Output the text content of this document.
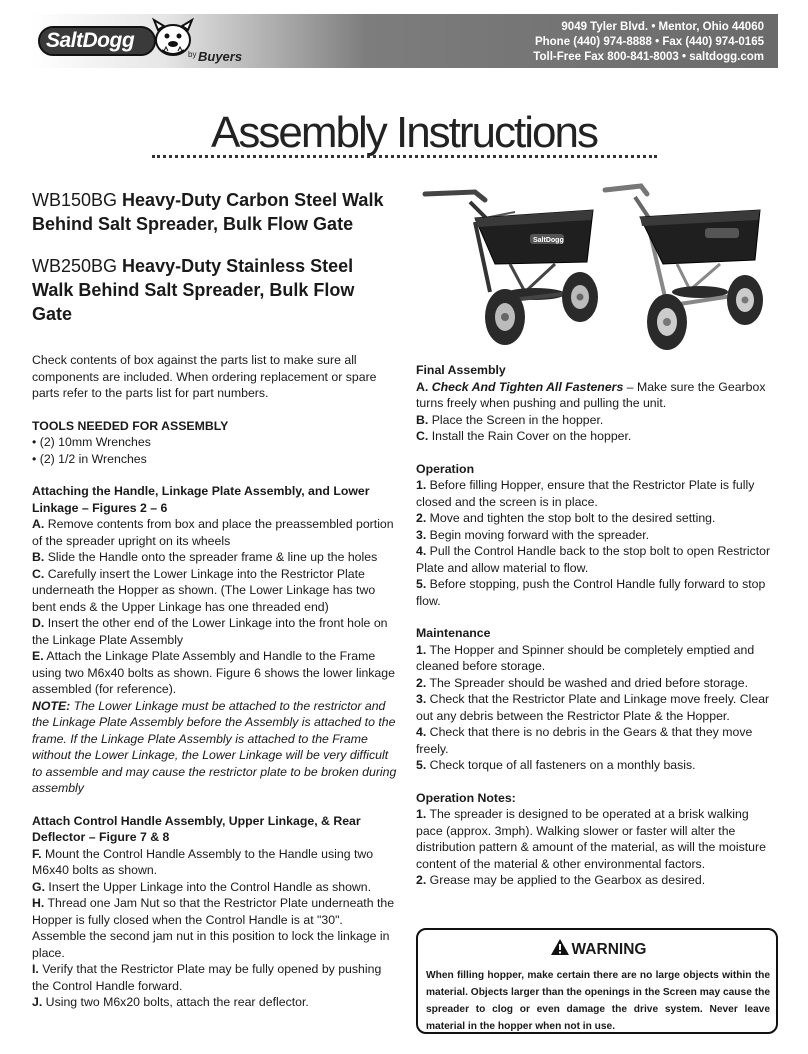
SaltDogg
by Buyers
9049 Tyler Blvd. • Mentor, Ohio 44060
Phone (440) 974-8888 • Fax (440) 974-0165
Toll-Free Fax 800-841-8003 • saltdogg.com
Assembly Instructions
WB150BG Heavy-Duty Carbon Steel Walk Behind Salt Spreader, Bulk Flow Gate
WB250BG Heavy-Duty Stainless Steel Walk Behind Salt Spreader, Bulk Flow Gate
Check contents of box against the parts list to make sure all components are included. When ordering replacement or spare parts refer to the parts list for part numbers.
TOOLS NEEDED FOR ASSEMBLY
• (2) 10mm Wrenches
• (2) 1/2 in Wrenches
Attaching the Handle, Linkage Plate Assembly, and Lower Linkage – Figures 2 – 6
A. Remove contents from box and place the preassembled portion of the spreader upright on its wheels
B. Slide the Handle onto the spreader frame & line up the holes
C. Carefully insert the Lower Linkage into the Restrictor Plate underneath the Hopper as shown. (The Lower Linkage has two bent ends & the Upper Linkage has one threaded end)
D. Insert the other end of the Lower Linkage into the front hole on the Linkage Plate Assembly
E. Attach the Linkage Plate Assembly and Handle to the Frame using two M6x40 bolts as shown. Figure 6 shows the lower linkage assembled (for reference).
NOTE: The Lower Linkage must be attached to the restrictor and the Linkage Plate Assembly before the Assembly is attached to the frame. If the Linkage Plate Assembly is attached to the Frame without the Lower Linkage, the Lower Linkage will be very difficult to assemble and may cause the restrictor plate to be broken during assembly
Attach Control Handle Assembly, Upper Linkage, & Rear Deflector – Figure 7 & 8
F. Mount the Control Handle Assembly to the Handle using two M6x40 bolts as shown.
G. Insert the Upper Linkage into the Control Handle as shown.
H. Thread one Jam Nut so that the Restrictor Plate underneath the Hopper is fully closed when the Control Handle is at "30". Assemble the second jam nut in this position to lock the linkage in place.
I. Verify that the Restrictor Plate may be fully opened by pushing the Control Handle forward.
J. Using two M6x20 bolts, attach the rear deflector.
SaltDogg
Final Assembly
A. Check And Tighten All Fasteners – Make sure the Gearbox turns freely when pushing and pulling the unit.
B. Place the Screen in the hopper.
C. Install the Rain Cover on the hopper.
Operation
1. Before filling Hopper, ensure that the Restrictor Plate is fully closed and the screen is in place.
2. Move and tighten the stop bolt to the desired setting.
3. Begin moving forward with the spreader.
4. Pull the Control Handle back to the stop bolt to open Restrictor Plate and allow material to flow.
5. Before stopping, push the Control Handle fully forward to stop flow.
Maintenance
1. The Hopper and Spinner should be completely emptied and cleaned before storage.
2. The Spreader should be washed and dried before storage.
3. Check that the Restrictor Plate and Linkage move freely. Clear out any debris between the Restrictor Plate & the Hopper.
4. Check that there is no debris in the Gears & that they move freely.
5. Check torque of all fasteners on a monthly basis.
Operation Notes:
1. The spreader is designed to be operated at a brisk walking pace (approx. 3mph). Walking slower or faster will alter the distribution pattern & amount of the material, as will the moisture content of the material & other environmental factors.
2. Grease may be applied to the Gearbox as desired.
WARNING
When filling hopper, make certain there are no large objects within the material. Objects larger than the openings in the Screen may cause the spreader to clog or even damage the drive system. Never leave material in the hopper when not in use.
